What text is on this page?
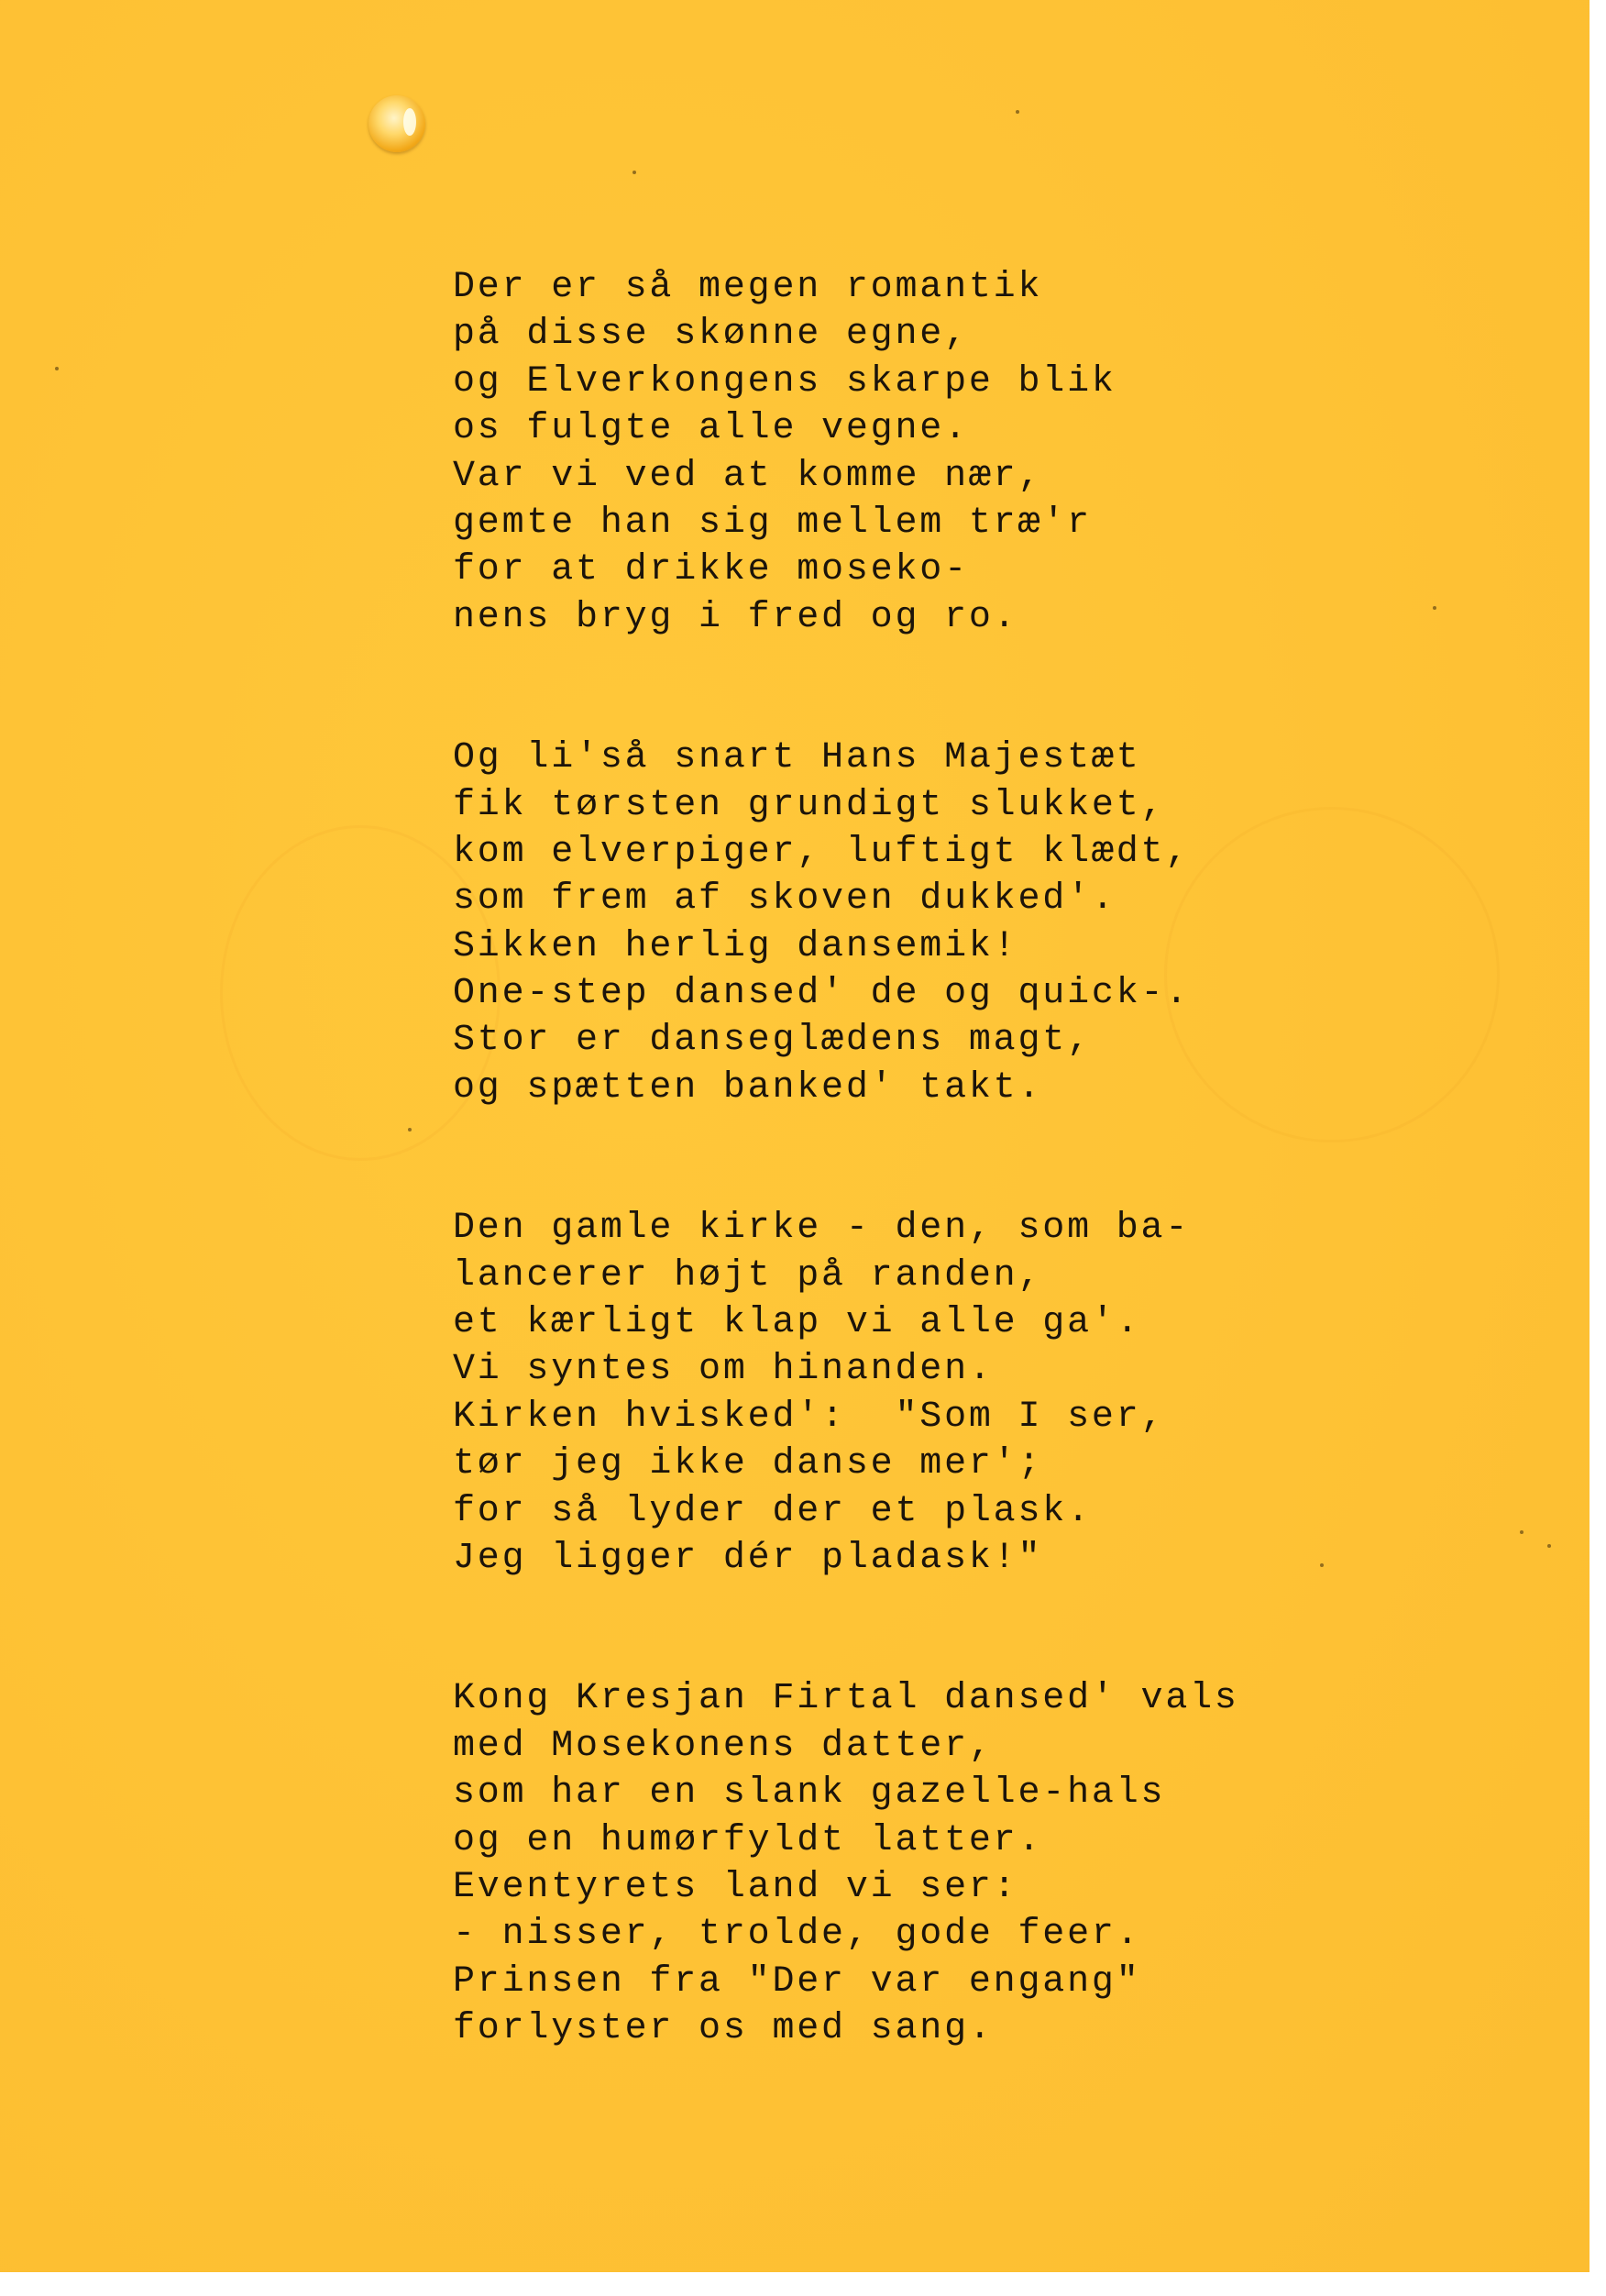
Der er så megen romantik
på disse skønne egne,
og Elverkongens skarpe blik
os fulgte alle vegne.
Var vi ved at komme nær,
gemte han sig mellem træ'r
for at drikke moseko-
nens bryg i fred og ro.
Og li'så snart Hans Majestæt
fik tørsten grundigt slukket,
kom elverpiger, luftigt klædt,
som frem af skoven dukked'.
Sikken herlig dansemik!
One-step dansed' de og quick-.
Stor er danseglædens magt,
og spætten banked' takt.
Den gamle kirke - den, som ba-
lancerer højt på randen,
et kærligt klap vi alle ga'.
Vi syntes om hinanden.
Kirken hvisked':  "Som I ser,
tør jeg ikke danse mer';
for så lyder der et plask.
Jeg ligger dér pladask!"
Kong Kresjan Firtal dansed' vals
med Mosekonens datter,
som har en slank gazelle-hals
og en humørfyldt latter.
Eventyrets land vi ser:
- nisser, trolde, gode feer.
Prinsen fra "Der var engang"
forlyster os med sang.
